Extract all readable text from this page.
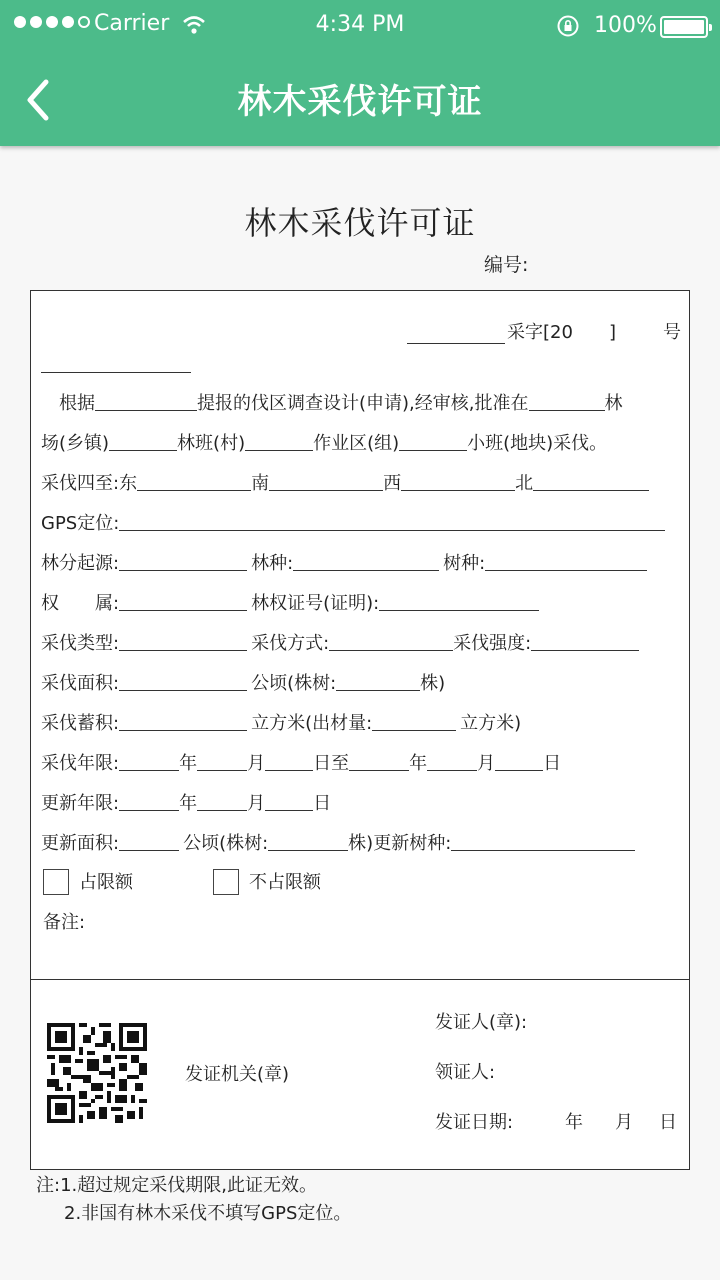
Carrier	4:34 PM	100%
林木采伐许可证
林木采伐许可证
编号:
采字[20 ]	号
根据	提报的伐区调查设计(申请),经审核,批准在	林
场(乡镇)	林班(村)	作业区(组)	小班(地块)采伐。
采伐四至:东	南	西	北
GPS定位:
林分起源:	林种:	树种:
权　　属:	林权证号(证明):
采伐类型:	采伐方式:	采伐强度:
采伐面积:	公顷(株树:	株)
采伐蓄积:	立方米(出材量:	立方米)
采伐年限:	年	月	日至	年	月	日
更新年限:	年	月	日
更新面积:	公顷(株树:	株)更新树种:
占限额	不占限额
备注:
发证机关(章)
发证人(章):
领证人:
发证日期:	年 月 日
注:1.超过规定采伐期限,此证无效。
2.非国有林木采伐不填写GPS定位。
